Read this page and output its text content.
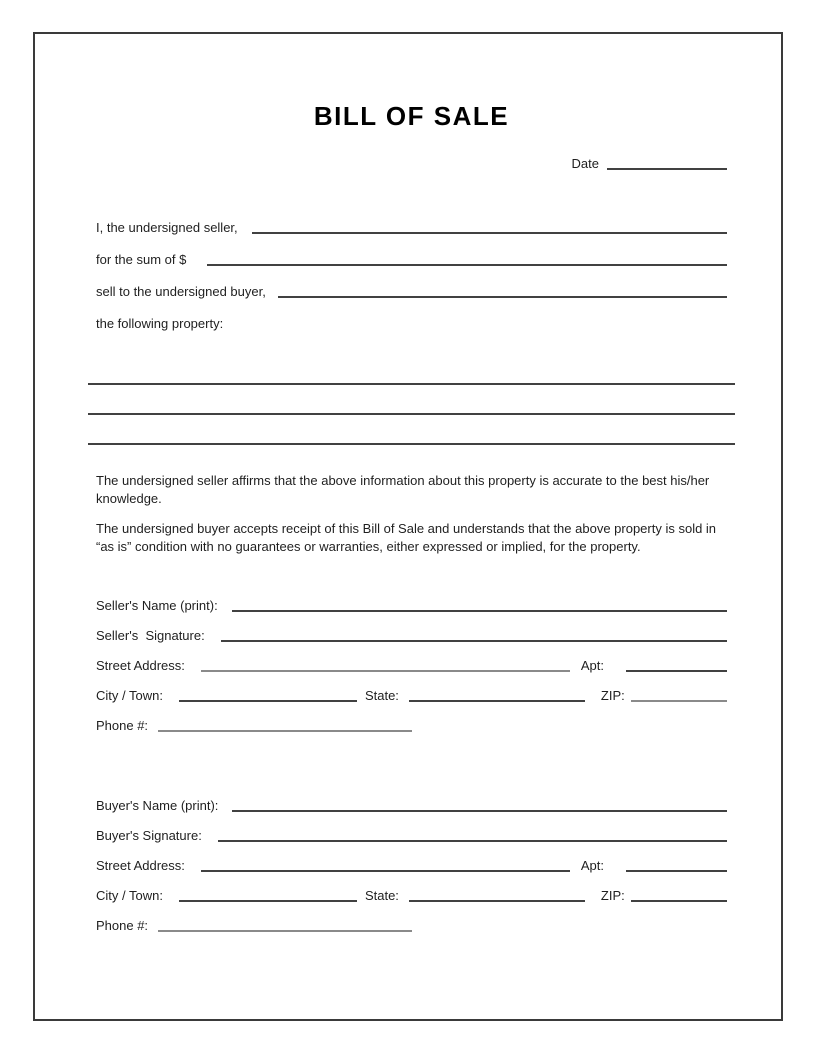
BILL OF SALE
Date
I, the undersigned seller,
for the sum of $
sell to the undersigned buyer,
the following property:

The undersigned seller affirms that the above information about this property is accurate to the best his/her knowledge.

The undersigned buyer accepts receipt of this Bill of Sale and understands that the above property is sold in “as is” condition with no guarantees or warranties, either expressed or implied, for the property.

Seller's Name (print):
Seller's  Signature:
Street Address:	Apt:
City / Town:	State:	ZIP:
Phone #:
Buyer's Name (print):
Buyer's Signature:
Street Address:	Apt:
City / Town:	State:	ZIP:
Phone #:
